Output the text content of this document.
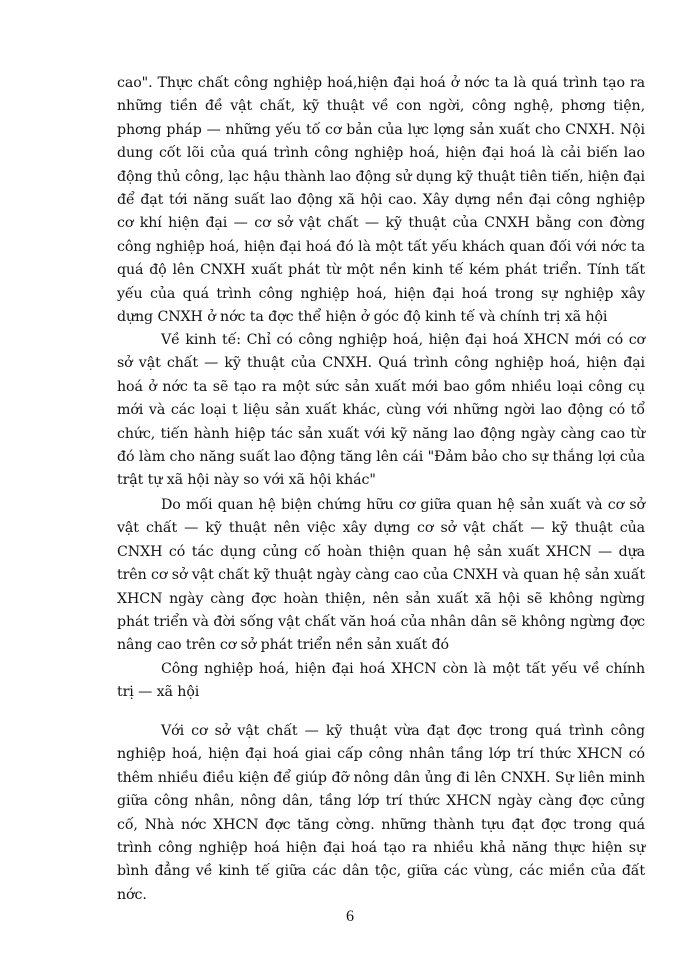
cao". Thực chất công nghiệp hoá,hiện đại hoá ở nớc ta là quá trình tạo ra những tiền đề vật chất, kỹ thuật về con ngời, công nghệ, phơng tiện, phơng pháp — những yếu tố cơ bản của lực lợng sản xuất cho CNXH. Nội dung cốt lõi của quá trình công nghiệp hoá, hiện đại hoá là cải biến lao động thủ công, lạc hậu thành lao động sử dụng kỹ thuật tiên tiến, hiện đại để đạt tới năng suất lao động xã hội cao. Xây dựng nền đại công nghiệp cơ khí hiện đại — cơ sở vật chất — kỹ thuật của CNXH bằng con đờng công nghiệp hoá, hiện đại hoá đó là một tất yếu khách quan đối với nớc ta quá độ lên CNXH xuất phát từ một nền kinh tế kém phát triển. Tính tất yếu của quá trình công nghiệp hoá, hiện đại hoá trong sự nghiệp xây dựng CNXH ở nớc ta đợc thể hiện ở góc độ kinh tế và chính trị xã hội

Về kinh tế: Chỉ có công nghiệp hoá, hiện đại hoá XHCN mới có cơ sở vật chất — kỹ thuật của CNXH. Quá trình công nghiệp hoá, hiện đại hoá ở nớc ta sẽ tạo ra một sức sản xuất mới bao gồm nhiều loại công cụ mới và các loại t liệu sản xuất khác, cùng với những ngời lao động có tổ chức, tiến hành hiệp tác sản xuất với kỹ năng lao động ngày càng cao từ đó làm cho năng suất lao động tăng lên cái "Đảm bảo cho sự thắng lợi của trật tự xã hội này so với xã hội khác"

Do mối quan hệ biện chứng hữu cơ giữa quan hệ sản xuất và cơ sở vật chất — kỹ thuật nên việc xây dựng cơ sở vật chất — kỹ thuật của CNXH có tác dụng củng cố hoàn thiện quan hệ sản xuất XHCN — dựa trên cơ sở vật chất kỹ thuật ngày càng cao của CNXH và quan hệ sản xuất XHCN ngày càng đợc hoàn thiện, nên sản xuất xã hội sẽ không ngừng phát triển và đời sống vật chất văn hoá của nhân dân sẽ không ngừng đợc nâng cao trên cơ sở phát triển nền sản xuất đó

Công nghiệp hoá, hiện đại hoá XHCN còn là một tất yếu về chính trị — xã hội

Với cơ sở vật chất — kỹ thuật vừa đạt đợc trong quá trình công nghiệp hoá, hiện đại hoá giai cấp công nhân tầng lớp trí thức XHCN có thêm nhiều điều kiện để giúp đỡ nông dân ủng đi lên CNXH. Sự liên minh giữa công nhân, nông dân, tầng lớp trí thức XHCN ngày càng đợc củng cố, Nhà nớc XHCN đợc tăng cờng. những thành tựu đạt đợc trong quá trình công nghiệp hoá hiện đại hoá tạo ra nhiều khả năng thực hiện sự bình đẳng về kinh tế giữa các dân tộc, giữa các vùng, các miền của đất nớc.

6
